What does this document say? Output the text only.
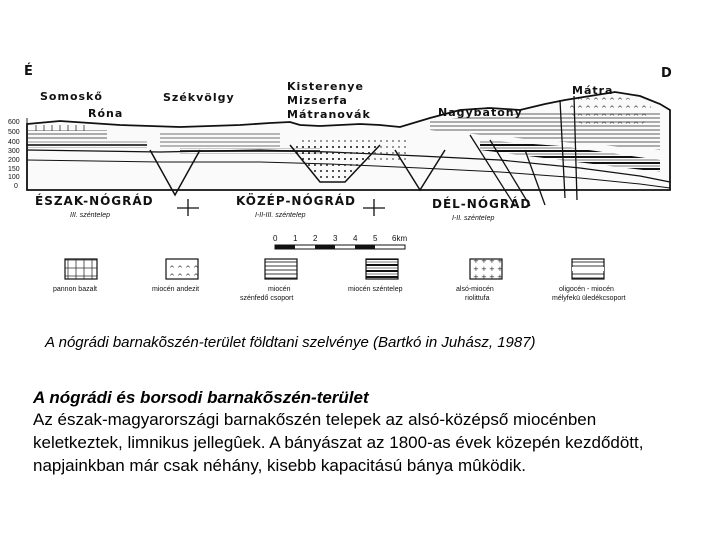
É	D
600
500
400
300
200
150
100
0
Somoskő
Róna
Székvölgy
Kisterenye
Mizserfa
Mátranovák	Nagybátony
Mátra
ÉSZAK-NÓGRÁD	KÖZÉP-NÓGRÁD	DÉL-NÓGRÁD
III. szénteIep	I-II-III. szénteIep	I-II. szénteIep
0 1 2 3 4 5 6km
pannon bazalt	miocén andezit	miocén
szénfedő csoport
miocén széntelep	alsó-miocén
riolittufa
oligocén - miocén
mélyfekü üledékcsoport
A nógrádi barnakõszén-terület földtani szelvénye (Bartkó in Juhász, 1987)
A nógrádi és borsodi barnakõszén-terület
Az észak-magyarországi barnakőszén telepek az alsó-középső miocénben keletkeztek, limnikus jellegûek. A bányászat az 1800-as évek közepén kezdődött, napjainkban már csak néhány, kisebb kapacitású bánya mûködik.
